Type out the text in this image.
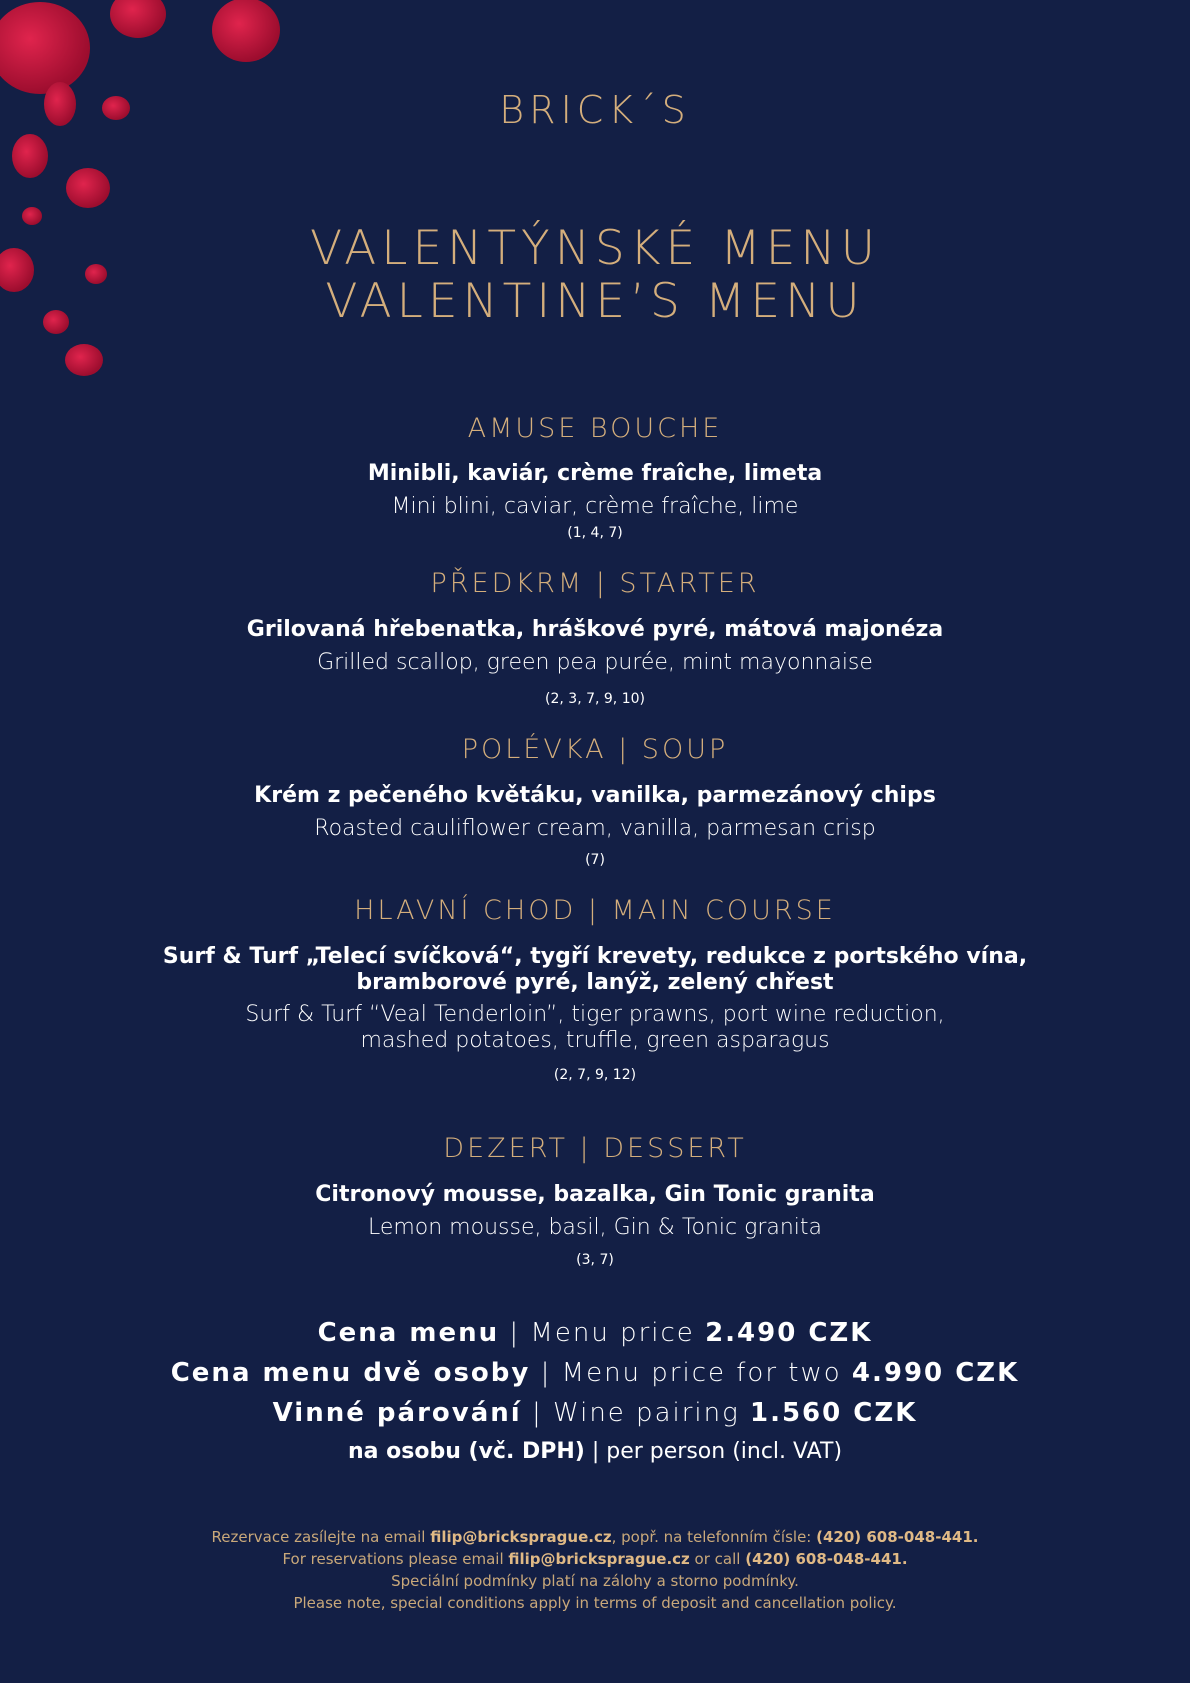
BRICK´S
VALENTÝNSKÉ MENU
VALENTINE’S MENU
AMUSE BOUCHE
Minibli, kaviár, crème fraîche, limeta
Mini blini, caviar, crème fraîche, lime
(1, 4, 7)
PŘEDKRM | STARTER
Grilovaná hřebenatka, hráškové pyré, mátová majonéza
Grilled scallop, green pea purée, mint mayonnaise
(2, 3, 7, 9, 10)
POLÉVKA | SOUP
Krém z pečeného květáku, vanilka, parmezánový chips
Roasted cauliflower cream, vanilla, parmesan crisp
(7)
HLAVNÍ CHOD | MAIN COURSE
Surf & Turf „Telecí svíčková“, tygří krevety, redukce z portského vína,
bramborové pyré, lanýž, zelený chřest
Surf & Turf “Veal Tenderloin”, tiger prawns, port wine reduction,
mashed potatoes, truffle, green asparagus
(2, 7, 9, 12)
DEZERT | DESSERT
Citronový mousse, bazalka, Gin Tonic granita
Lemon mousse, basil, Gin & Tonic granita
(3, 7)
Cena menu | Menu price 2.490 CZK
Cena menu dvě osoby | Menu price for two 4.990 CZK
Vinné párování | Wine pairing 1.560 CZK
na osobu (vč. DPH) | per person (incl. VAT)
Rezervace zasílejte na email filip@bricksprague.cz, popř. na telefonním čísle: (420) 608-048-441.
For reservations please email filip@bricksprague.cz or call (420) 608-048-441.
Speciální podmínky platí na zálohy a storno podmínky.
Please note, special conditions apply in terms of deposit and cancellation policy.
